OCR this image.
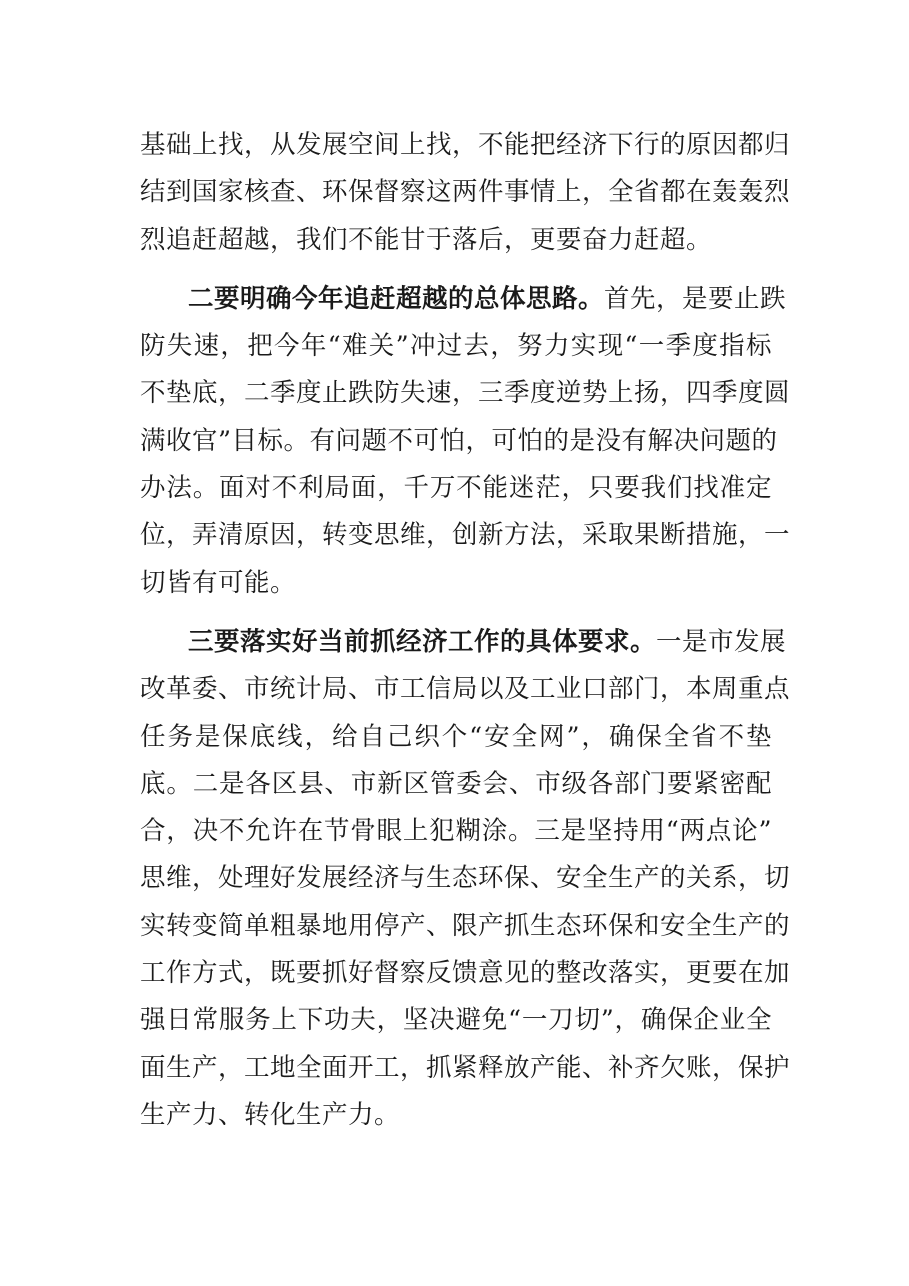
基础上找，从发展空间上找，不能把经济下行的原因都归
结到国家核查、环保督察这两件事情上，全省都在轰轰烈
烈追赶超越，我们不能甘于落后，更要奋力赶超。
二要明确今年追赶超越的总体思路。首先，是要止跌
防失速，把今年“难关”冲过去，努力实现“一季度指标
不垫底，二季度止跌防失速，三季度逆势上扬，四季度圆
满收官”目标。有问题不可怕，可怕的是没有解决问题的
办法。面对不利局面，千万不能迷茫，只要我们找准定
位，弄清原因，转变思维，创新方法，采取果断措施，一
切皆有可能。
三要落实好当前抓经济工作的具体要求。一是市发展
改革委、市统计局、市工信局以及工业口部门，本周重点
任务是保底线，给自己织个“安全网”，确保全省不垫
底。二是各区县、市新区管委会、市级各部门要紧密配
合，决不允许在节骨眼上犯糊涂。三是坚持用“两点论”
思维，处理好发展经济与生态环保、安全生产的关系，切
实转变简单粗暴地用停产、限产抓生态环保和安全生产的
工作方式，既要抓好督察反馈意见的整改落实，更要在加
强日常服务上下功夫，坚决避免“一刀切”，确保企业全
面生产，工地全面开工，抓紧释放产能、补齐欠账，保护
生产力、转化生产力。
